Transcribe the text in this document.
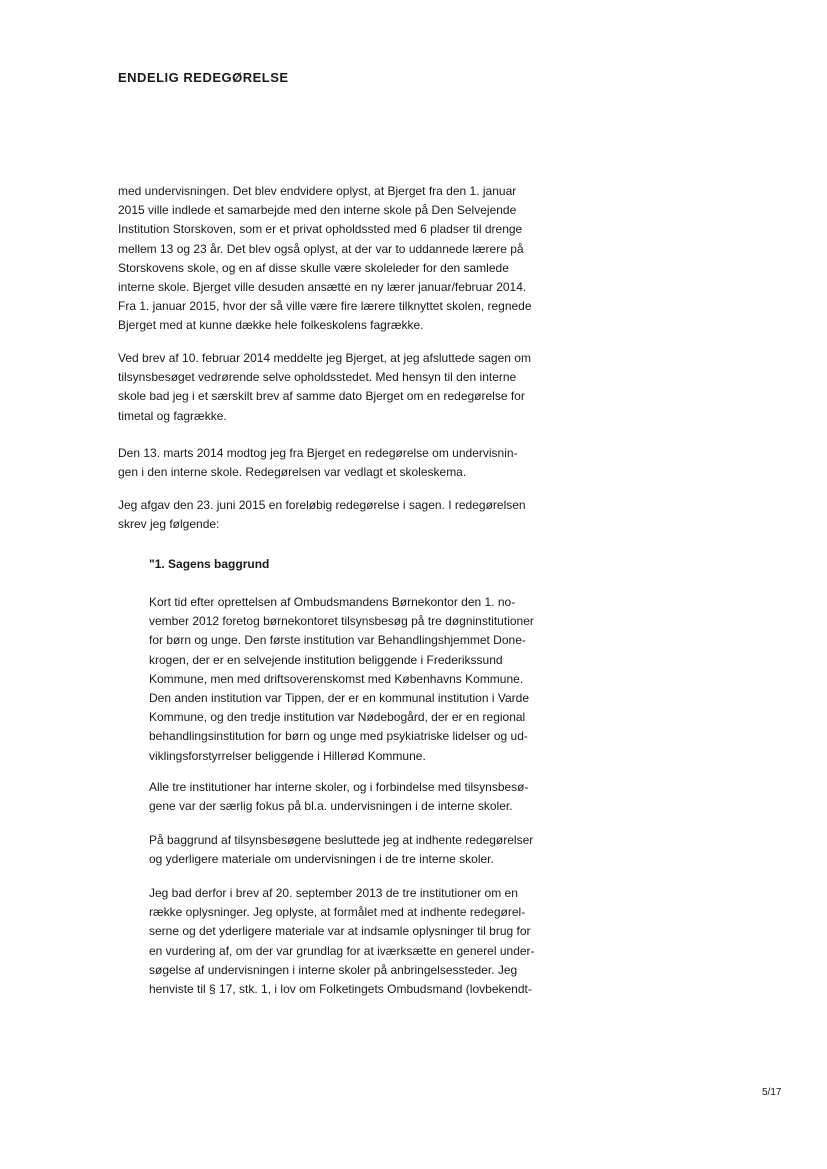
ENDELIG REDEGØRELSE
med undervisningen. Det blev endvidere oplyst, at Bjerget fra den 1. januar
2015 ville indlede et samarbejde med den interne skole på Den Selvejende
Institution Storskoven, som er et privat opholdssted med 6 pladser til drenge
mellem 13 og 23 år. Det blev også oplyst, at der var to uddannede lærere på
Storskovens skole, og en af disse skulle være skoleleder for den samlede
interne skole. Bjerget ville desuden ansætte en ny lærer januar/februar 2014.
Fra 1. januar 2015, hvor der så ville være fire lærere tilknyttet skolen, regnede
Bjerget med at kunne dække hele folkeskolens fagrække.
Ved brev af 10. februar 2014 meddelte jeg Bjerget, at jeg afsluttede sagen om
tilsynsbesøget vedrørende selve opholdsstedet. Med hensyn til den interne
skole bad jeg i et særskilt brev af samme dato Bjerget om en redegørelse for
timetal og fagrække.
Den 13. marts 2014 modtog jeg fra Bjerget en redegørelse om undervisnin-
gen i den interne skole. Redegørelsen var vedlagt et skoleskema.
Jeg afgav den 23. juni 2015 en foreløbig redegørelse i sagen. I redegørelsen
skrev jeg følgende:
"1. Sagens baggrund
Kort tid efter oprettelsen af Ombudsmandens Børnekontor den 1. no-
vember 2012 foretog børnekontoret tilsynsbesøg på tre døgninstitutioner
for børn og unge. Den første institution var Behandlingshjemmet Done-
krogen, der er en selvejende institution beliggende i Frederikssund
Kommune, men med driftsoverenskomst med Københavns Kommune.
Den anden institution var Tippen, der er en kommunal institution i Varde
Kommune, og den tredje institution var Nødebogård, der er en regional
behandlingsinstitution for børn og unge med psykiatriske lidelser og ud-
viklingsforstyrrelser beliggende i Hillerød Kommune.
Alle tre institutioner har interne skoler, og i forbindelse med tilsynsbesø-
gene var der særlig fokus på bl.a. undervisningen i de interne skoler.
På baggrund af tilsynsbesøgene besluttede jeg at indhente redegørelser
og yderligere materiale om undervisningen i de tre interne skoler.
Jeg bad derfor i brev af 20. september 2013 de tre institutioner om en
række oplysninger. Jeg oplyste, at formålet med at indhente redegørel-
serne og det yderligere materiale var at indsamle oplysninger til brug for
en vurdering af, om der var grundlag for at iværksætte en generel under-
søgelse af undervisningen i interne skoler på anbringelsessteder. Jeg
henviste til § 17, stk. 1, i lov om Folketingets Ombudsmand (lovbekendt-
5/17
